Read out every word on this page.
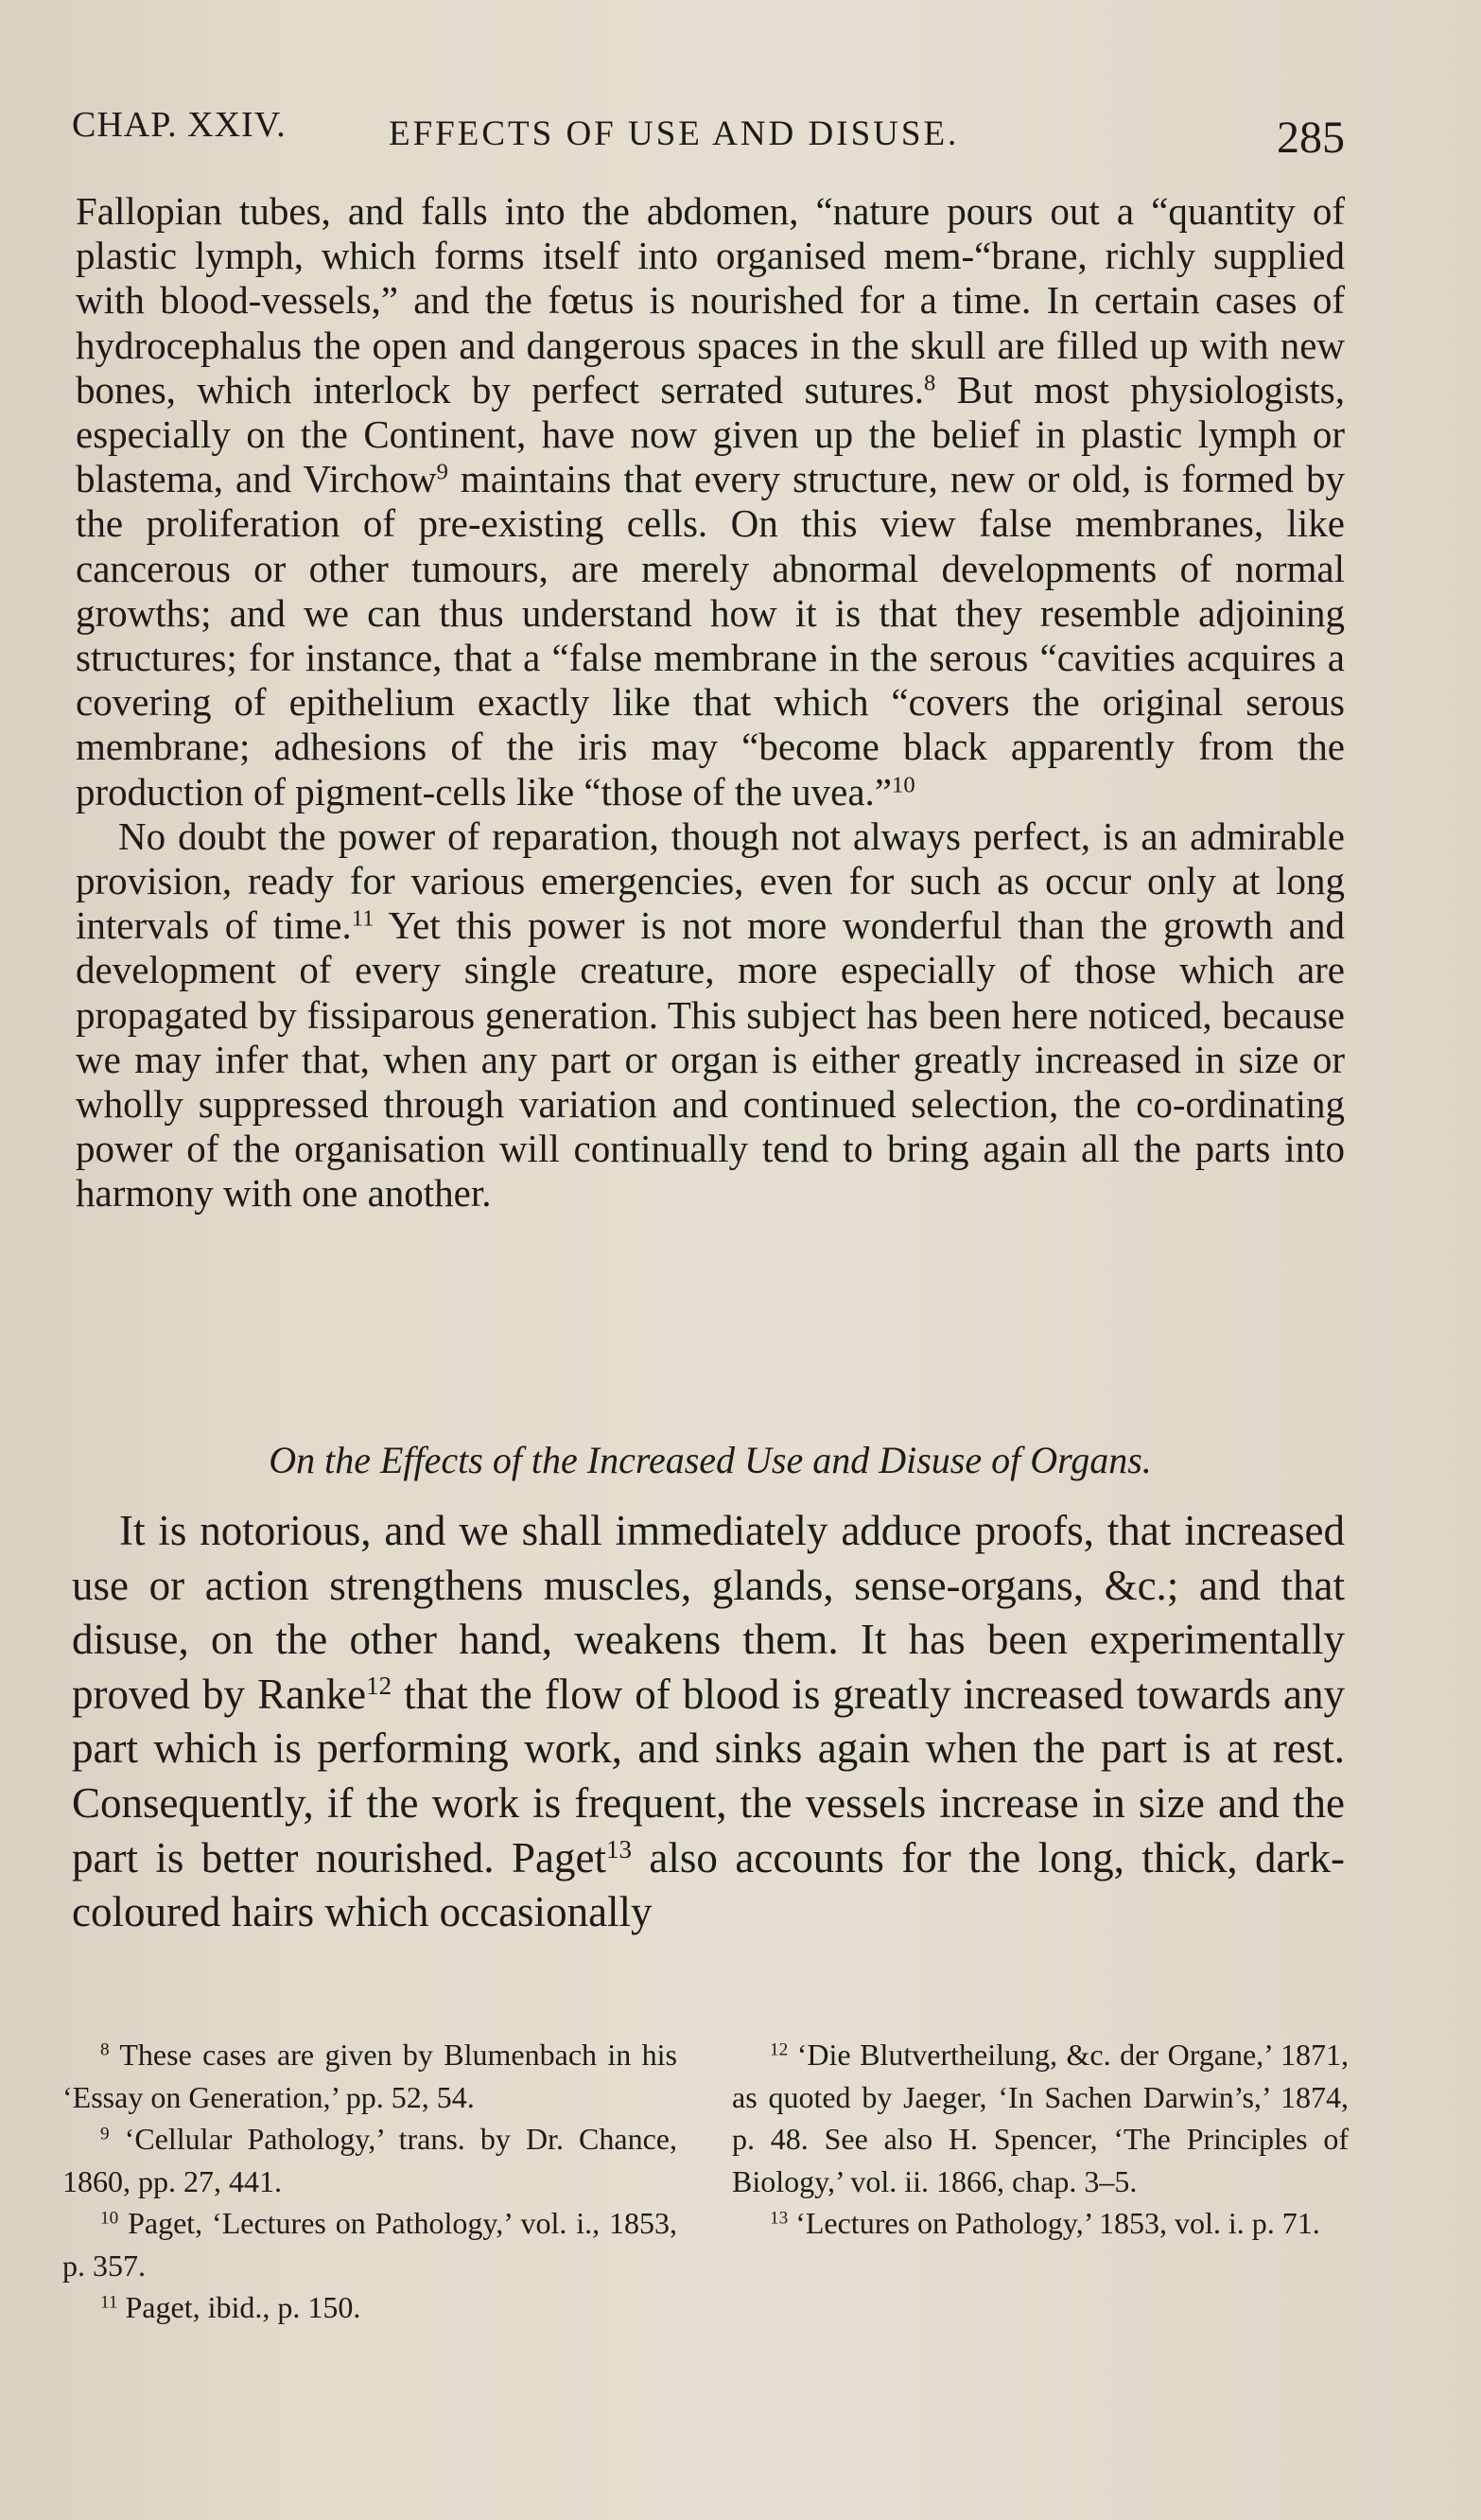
CHAP. XXIV.	EFFECTS OF USE AND DISUSE.	285

Fallopian tubes, and falls into the abdomen, “nature pours out a “quantity of plastic lymph, which forms itself into organised mem-“brane, richly supplied with blood-vessels,” and the fœtus is nourished for a time. In certain cases of hydrocephalus the open and dangerous spaces in the skull are filled up with new bones, which interlock by perfect serrated sutures.$^8$ But most physiologists, especially on the Continent, have now given up the belief in plastic lymph or blastema, and Virchow$^9$ maintains that every structure, new or old, is formed by the proliferation of pre-existing cells. On this view false membranes, like cancerous or other tumours, are merely abnormal developments of normal growths; and we can thus understand how it is that they resemble adjoining structures; for instance, that a “false membrane in the serous “cavities acquires a covering of epithelium exactly like that which “covers the original serous membrane; adhesions of the iris may “become black apparently from the production of pigment-cells like “those of the uvea.”$^{10}$

No doubt the power of reparation, though not always perfect, is an admirable provision, ready for various emergencies, even for such as occur only at long intervals of time.$^{11}$ Yet this power is not more wonderful than the growth and development of every single creature, more especially of those which are propagated by fissiparous generation. This subject has been here noticed, because we may infer that, when any part or organ is either greatly increased in size or wholly suppressed through variation and continued selection, the co-ordinating power of the organisation will continually tend to bring again all the parts into harmony with one another.

On the Effects of the Increased Use and Disuse of Organs.

It is notorious, and we shall immediately adduce proofs, that increased use or action strengthens muscles, glands, sense-organs, &c.; and that disuse, on the other hand, weakens them. It has been experimentally proved by Ranke$^{12}$ that the flow of blood is greatly increased towards any part which is performing work, and sinks again when the part is at rest. Consequently, if the work is frequent, the vessels increase in size and the part is better nourished. Paget$^{13}$ also accounts for the long, thick, dark-coloured hairs which occasionally

$^8$ These cases are given by Blumenbach in his ‘Essay on Generation,’ pp. 52, 54.

$^9$ ‘Cellular Pathology,’ trans. by Dr. Chance, 1860, pp. 27, 441.

$^{10}$ Paget, ‘Lectures on Pathology,’ vol. i., 1853, p. 357.

$^{11}$ Paget, ibid., p. 150.

$^{12}$ ‘Die Blutvertheilung, &c. der Organe,’ 1871, as quoted by Jaeger, ‘In Sachen Darwin’s,’ 1874, p. 48. See also H. Spencer, ‘The Principles of Biology,’ vol. ii. 1866, chap. 3–5.

$^{13}$ ‘Lectures on Pathology,’ 1853, vol. i. p. 71.
